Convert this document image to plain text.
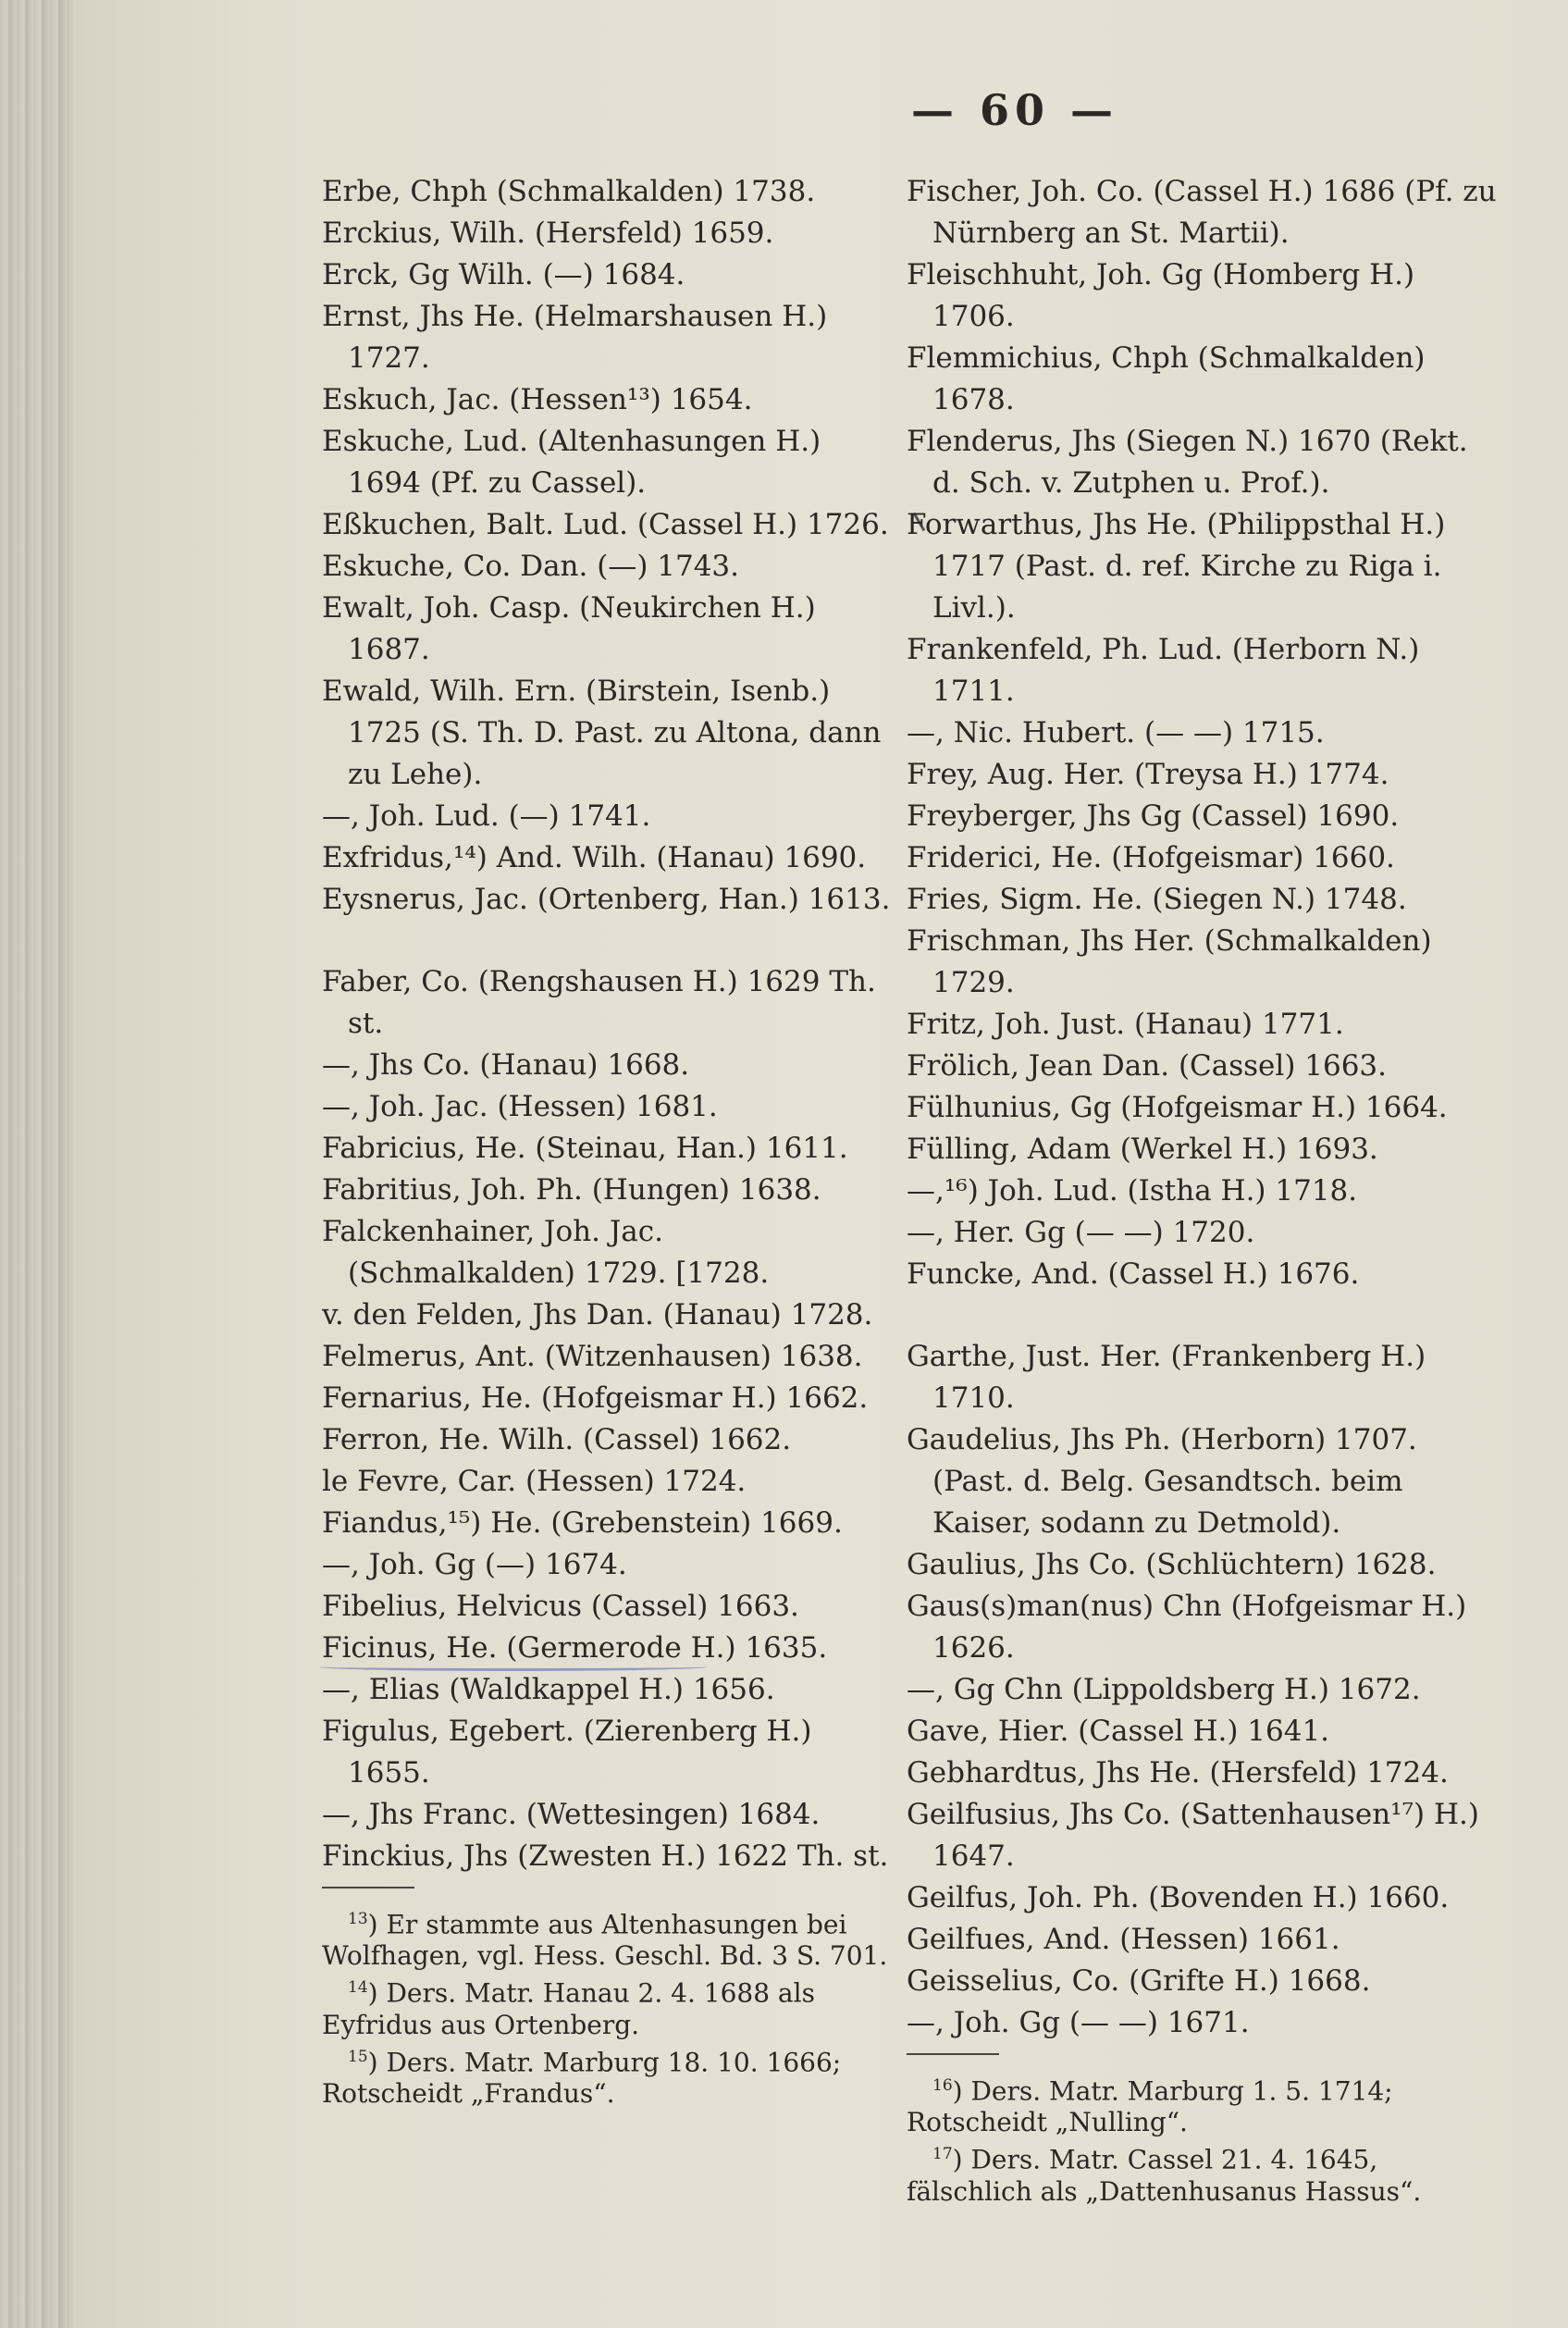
— 60 —

Erbe, Chph (Schmalkalden) 1738.

Erckius, Wilh. (Hersfeld) 1659.

Erck, Gg Wilh. (—) 1684.

Ernst, Jhs He. (Helmarshausen H.) 1727.

Eskuch, Jac. (Hessen¹³) 1654.

Eskuche, Lud. (Altenhasungen H.) 1694 (Pf. zu Cassel).

Eßkuchen, Balt. Lud. (Cassel H.) 1726.

Eskuche, Co. Dan. (—) 1743.

Ewalt, Joh. Casp. (Neukirchen H.) 1687.

Ewald, Wilh. Ern. (Birstein, Isenb.) 1725 (S. Th. D. Past. zu Altona, dann zu Lehe).

—, Joh. Lud. (—) 1741.

Exfridus,¹⁴) And. Wilh. (Hanau) 1690.

Eysnerus, Jac. (Ortenberg, Han.) 1613.

Faber, Co. (Rengshausen H.) 1629 Th. st.

—, Jhs Co. (Hanau) 1668.

—, Joh. Jac. (Hessen) 1681.

Fabricius, He. (Steinau, Han.) 1611.

Fabritius, Joh. Ph. (Hungen) 1638.

Falckenhainer, Joh. Jac. (Schmalkalden) 1729. [1728.

v. den Felden, Jhs Dan. (Hanau) 1728.

Felmerus, Ant. (Witzenhausen) 1638.

Fernarius, He. (Hofgeismar H.) 1662.

Ferron, He. Wilh. (Cassel) 1662.

le Fevre, Car. (Hessen) 1724.

Fiandus,¹⁵) He. (Grebenstein) 1669.

—, Joh. Gg (—) 1674.

Fibelius, Helvicus (Cassel) 1663.

Ficinus, He. (Germerode H.) 1635.

—, Elias (Waldkappel H.) 1656.

Figulus, Egebert. (Zierenberg H.) 1655.

—, Jhs Franc. (Wettesingen) 1684.

Finckius, Jhs (Zwesten H.) 1622 Th. st.

$^{13}$) Er stammte aus Altenhasungen bei Wolfhagen, vgl. Hess. Geschl. Bd. 3 S. 701.

$^{14}$) Ders. Matr. Hanau 2. 4. 1688 als Eyfridus aus Ortenberg.

$^{15}$) Ders. Matr. Marburg 18. 10. 1666; Rotscheidt „Frandus“.

Fischer, Joh. Co. (Cassel H.) 1686 (Pf. zu Nürnberg an St. Martii).

Fleischhuht, Joh. Gg (Homberg H.) 1706.

Flemmichius, Chph (Schmalkalden) 1678.

Flenderus, Jhs (Siegen N.) 1670 (Rekt. d. Sch. v. Zutphen u. Prof.).

Forwarthus, Jhs He. (Philippsthal H.) 1717 (Past. d. ref. Kirche zu Riga i. Livl.).

Frankenfeld, Ph. Lud. (Herborn N.) 1711.

—, Nic. Hubert. (— —) 1715.

Frey, Aug. Her. (Treysa H.) 1774.

Freyberger, Jhs Gg (Cassel) 1690.

Friderici, He. (Hofgeismar) 1660.

Fries, Sigm. He. (Siegen N.) 1748.

Frischman, Jhs Her. (Schmalkalden) 1729.

Fritz, Joh. Just. (Hanau) 1771.

Frölich, Jean Dan. (Cassel) 1663.

Fülhunius, Gg (Hofgeismar H.) 1664.

Fülling, Adam (Werkel H.) 1693.

—,¹⁶) Joh. Lud. (Istha H.) 1718.

—, Her. Gg (— —) 1720.

Funcke, And. (Cassel H.) 1676.

Garthe, Just. Her. (Frankenberg H.) 1710.

Gaudelius, Jhs Ph. (Herborn) 1707. (Past. d. Belg. Gesandtsch. beim Kaiser, sodann zu Detmold).

Gaulius, Jhs Co. (Schlüchtern) 1628.

Gaus(s)man(nus) Chn (Hofgeismar H.) 1626.

—, Gg Chn (Lippoldsberg H.) 1672.

Gave, Hier. (Cassel H.) 1641.

Gebhardtus, Jhs He. (Hersfeld) 1724.

Geilfusius, Jhs Co. (Sattenhausen¹⁷) H.) 1647.

Geilfus, Joh. Ph. (Bovenden H.) 1660.

Geilfues, And. (Hessen) 1661.

Geisselius, Co. (Grifte H.) 1668.

—, Joh. Gg (— —) 1671.

$^{16}$) Ders. Matr. Marburg 1. 5. 1714; Rotscheidt „Nulling“.

$^{17}$) Ders. Matr. Cassel 21. 4. 1645, fälschlich als „Dattenhusanus Hassus“.
